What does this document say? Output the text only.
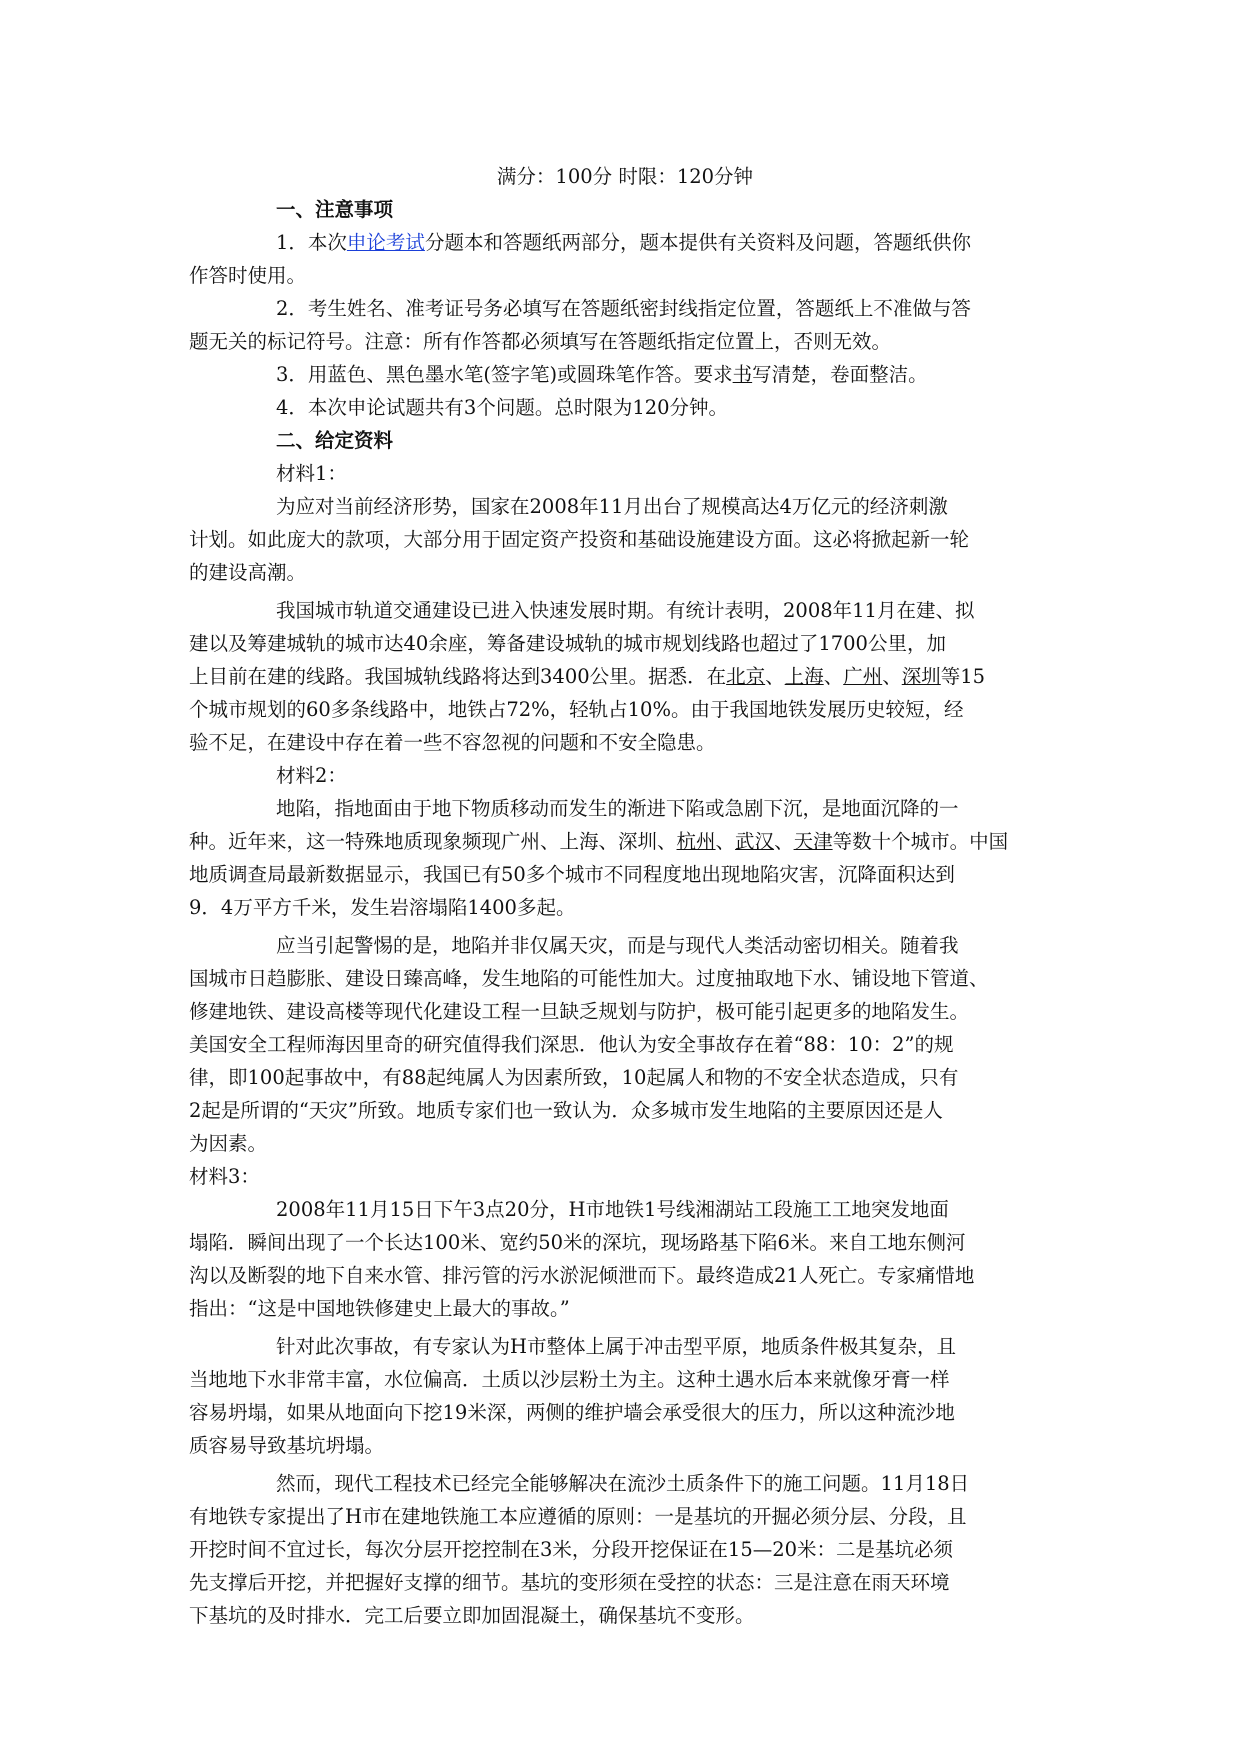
满分：100分 时限：120分钟
一、注意事项
1．本次申论考试分题本和答题纸两部分，题本提供有关资料及问题，答题纸供你
作答时使用。
2．考生姓名、准考证号务必填写在答题纸密封线指定位置，答题纸上不准做与答
题无关的标记符号。注意：所有作答都必须填写在答题纸指定位置上，否则无效。
3．用蓝色、黑色墨水笔(签字笔)或圆珠笔作答。要求书写清楚，卷面整洁。
4．本次申论试题共有3个问题。总时限为120分钟。
二、给定资料
材料1：
为应对当前经济形势，国家在2008年11月出台了规模高达4万亿元的经济刺激
计划。如此庞大的款项，大部分用于固定资产投资和基础设施建设方面。这必将掀起新一轮
的建设高潮。
我国城市轨道交通建设已进入快速发展时期。有统计表明，2008年11月在建、拟
建以及筹建城轨的城市达40余座，筹备建设城轨的城市规划线路也超过了1700公里，加
上目前在建的线路。我国城轨线路将达到3400公里。据悉．在北京、上海、广州、深圳等15
个城市规划的60多条线路中，地铁占72%，轻轨占10%。由于我国地铁发展历史较短，经
验不足，在建设中存在着一些不容忽视的问题和不安全隐患。
材料2：
地陷，指地面由于地下物质移动而发生的渐进下陷或急剧下沉，是地面沉降的一
种。近年来，这一特殊地质现象频现广州、上海、深圳、杭州、武汉、天津等数十个城市。中国
地质调查局最新数据显示，我国已有50多个城市不同程度地出现地陷灾害，沉降面积达到
9．4万平方千米，发生岩溶塌陷1400多起。
应当引起警惕的是，地陷并非仅属天灾，而是与现代人类活动密切相关。随着我
国城市日趋膨胀、建设日臻高峰，发生地陷的可能性加大。过度抽取地下水、铺设地下管道、
修建地铁、建设高楼等现代化建设工程一旦缺乏规划与防护，极可能引起更多的地陷发生。
美国安全工程师海因里奇的研究值得我们深思．他认为安全事故存在着“88：10：2”的规
律，即100起事故中，有88起纯属人为因素所致，10起属人和物的不安全状态造成，只有
2起是所谓的“天灾”所致。地质专家们也一致认为．众多城市发生地陷的主要原因还是人
为因素。
材料3：
2008年11月15日下午3点20分，H市地铁1号线湘湖站工段施工工地突发地面
塌陷．瞬间出现了一个长达100米、宽约50米的深坑，现场路基下陷6米。来自工地东侧河
沟以及断裂的地下自来水管、排污管的污水淤泥倾泄而下。最终造成21人死亡。专家痛惜地
指出：“这是中国地铁修建史上最大的事故。”
针对此次事故，有专家认为H市整体上属于冲击型平原，地质条件极其复杂，且
当地地下水非常丰富，水位偏高．土质以沙层粉土为主。这种土遇水后本来就像牙膏一样
容易坍塌，如果从地面向下挖19米深，两侧的维护墙会承受很大的压力，所以这种流沙地
质容易导致基坑坍塌。
然而，现代工程技术已经完全能够解决在流沙土质条件下的施工问题。11月18日
有地铁专家提出了H市在建地铁施工本应遵循的原则：一是基坑的开掘必须分层、分段，且
开挖时间不宜过长，每次分层开挖控制在3米，分段开挖保证在15—20米：二是基坑必须
先支撑后开挖，并把握好支撑的细节。基坑的变形须在受控的状态：三是注意在雨天环境
下基坑的及时排水．完工后要立即加固混凝土，确保基坑不变形。
